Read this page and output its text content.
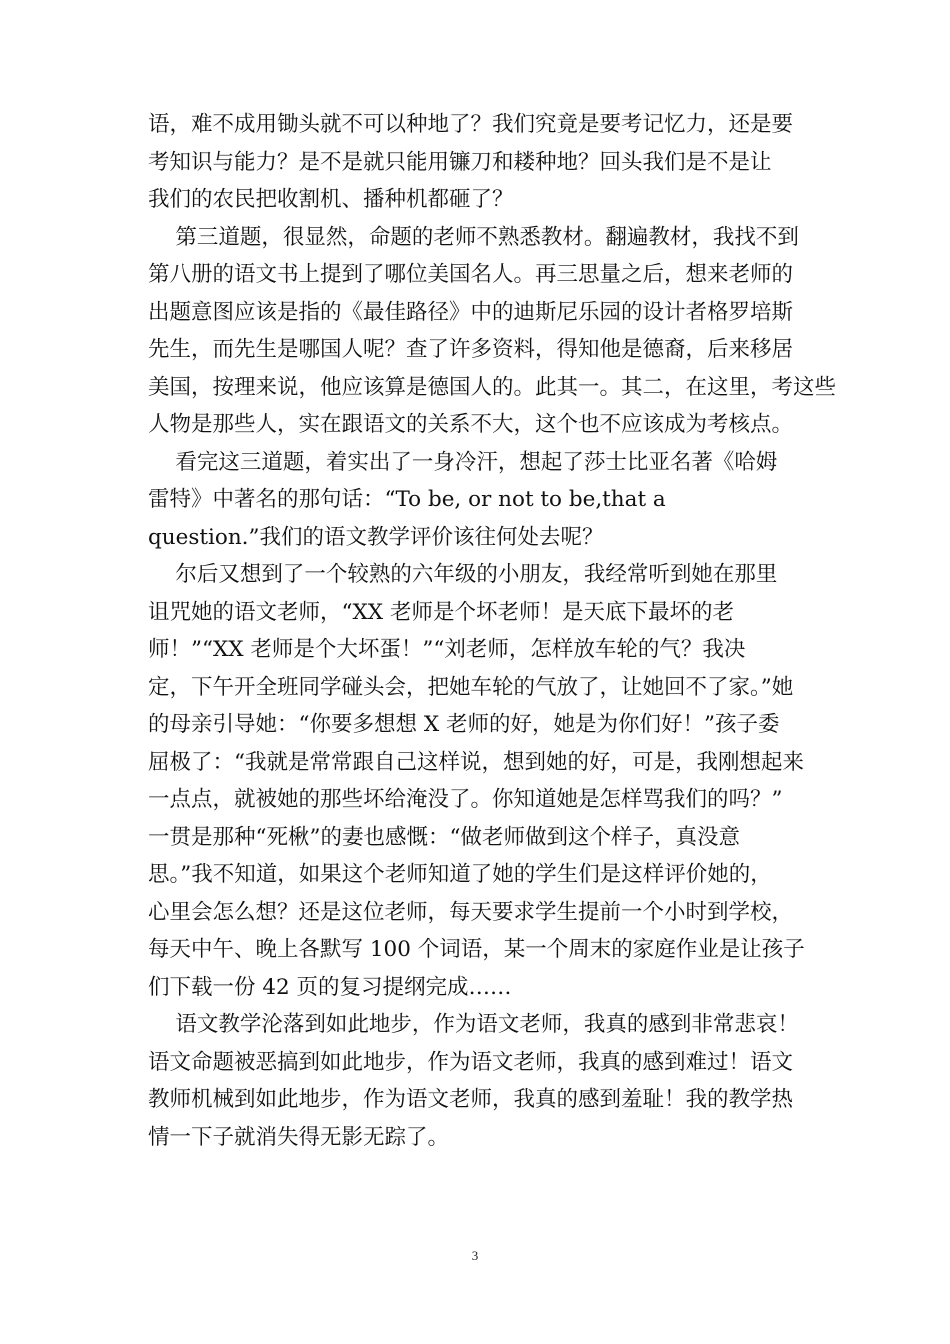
语，难不成用锄头就不可以种地了？我们究竟是要考记忆力，还是要
考知识与能力？是不是就只能用镰刀和耧种地？回头我们是不是让
我们的农民把收割机、播种机都砸了？
第三道题，很显然，命题的老师不熟悉教材。翻遍教材，我找不到
第八册的语文书上提到了哪位美国名人。再三思量之后，想来老师的
出题意图应该是指的《最佳路径》中的迪斯尼乐园的设计者格罗培斯
先生，而先生是哪国人呢？查了许多资料，得知他是德裔，后来移居
美国，按理来说，他应该算是德国人的。此其一。其二，在这里，考这些
人物是那些人，实在跟语文的关系不大，这个也不应该成为考核点。
看完这三道题，着实出了一身冷汗，想起了莎士比亚名著《哈姆
雷特》中著名的那句话：“To be, or not to be,that a
question.”我们的语文教学评价该往何处去呢？
尔后又想到了一个较熟的六年级的小朋友，我经常听到她在那里
诅咒她的语文老师，“XX 老师是个坏老师！是天底下最坏的老
师！”“XX 老师是个大坏蛋！”“刘老师，怎样放车轮的气？我决
定，下午开全班同学碰头会，把她车轮的气放了，让她回不了家。”她
的母亲引导她：“你要多想想 X 老师的好，她是为你们好！”孩子委
屈极了：“我就是常常跟自己这样说，想到她的好，可是，我刚想起来
一点点，就被她的那些坏给淹没了。你知道她是怎样骂我们的吗？”
一贯是那种“死楸”的妻也感慨：“做老师做到这个样子，真没意
思。”我不知道，如果这个老师知道了她的学生们是这样评价她的，
心里会怎么想？还是这位老师，每天要求学生提前一个小时到学校，
每天中午、晚上各默写 100 个词语，某一个周末的家庭作业是让孩子
们下载一份 42 页的复习提纲完成……
语文教学沦落到如此地步，作为语文老师，我真的感到非常悲哀！
语文命题被恶搞到如此地步，作为语文老师，我真的感到难过！语文
教师机械到如此地步，作为语文老师，我真的感到羞耻！我的教学热
情一下子就消失得无影无踪了。
3
